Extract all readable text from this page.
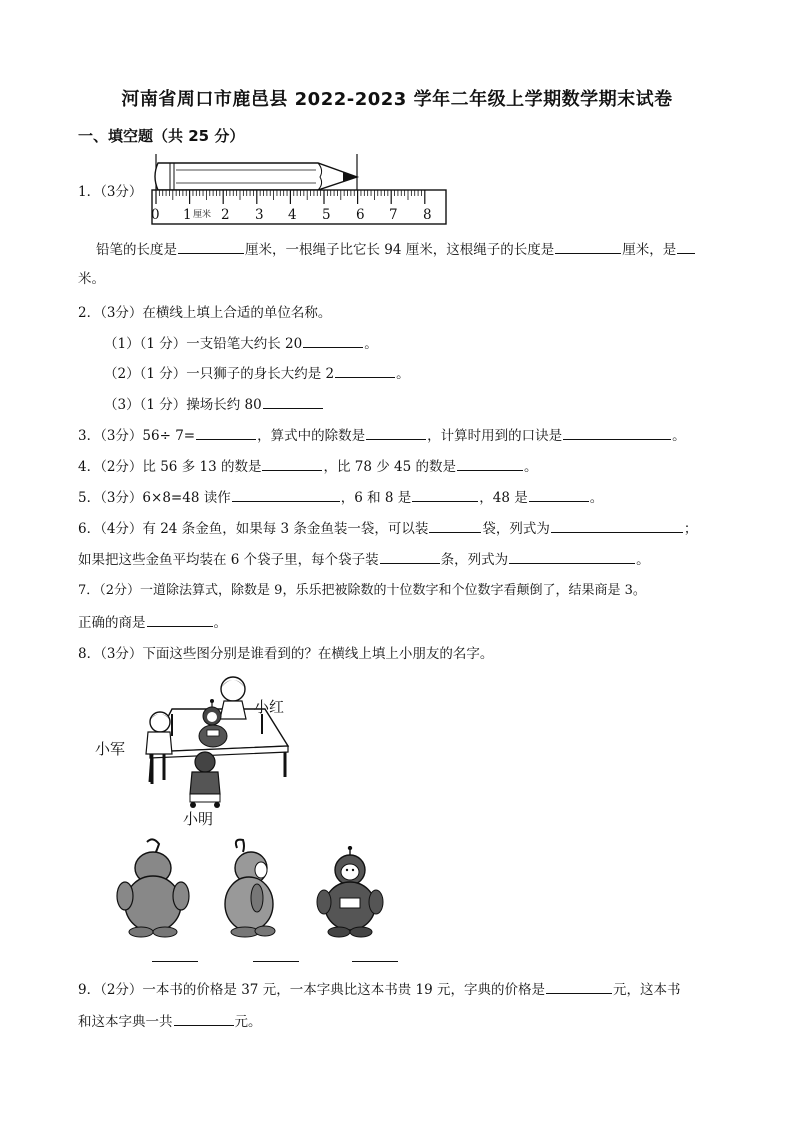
河南省周口市鹿邑县 2022-2023 学年二年级上学期数学期末试卷
一、填空题（共 25 分）
1．（3分）
0 1 厘米 2 3 4 5 6 7 8
铅笔的长度是	厘米，一根绳子比它长 94 厘米，这根绳子的长度是	厘米，是
米。
2．（3分）在横线上填上合适的单位名称。
（1）（1 分）一支铅笔大约长 20	。
（2）（1 分）一只狮子的身长大约是 2	。
（3）（1 分）操场长约 80
3．（3分）56÷ 7=	，算式中的除数是	，计算时用到的口诀是	。
4．（2分）比 56 多 13 的数是	，比 78 少 45 的数是	。
5．（3分）6×8=48 读作	，6 和 8 是	，48 是	。
6．（4分）有 24 条金鱼，如果每 3 条金鱼装一袋，可以装	袋，列式为	；
如果把这些金鱼平均装在 6 个袋子里，每个袋子装	条，列式为	。
7．（2分）一道除法算式，除数是 9，乐乐把被除数的十位数字和个位数字看颠倒了，结果商是 3。
正确的商是	。
8．（3分）下面这些图分别是谁看到的？在横线上填上小朋友的名字。
小红
小军
小明
9．（2分）一本书的价格是 37 元，一本字典比这本书贵 19 元，字典的价格是	元，这本书
和这本字典一共	元。
